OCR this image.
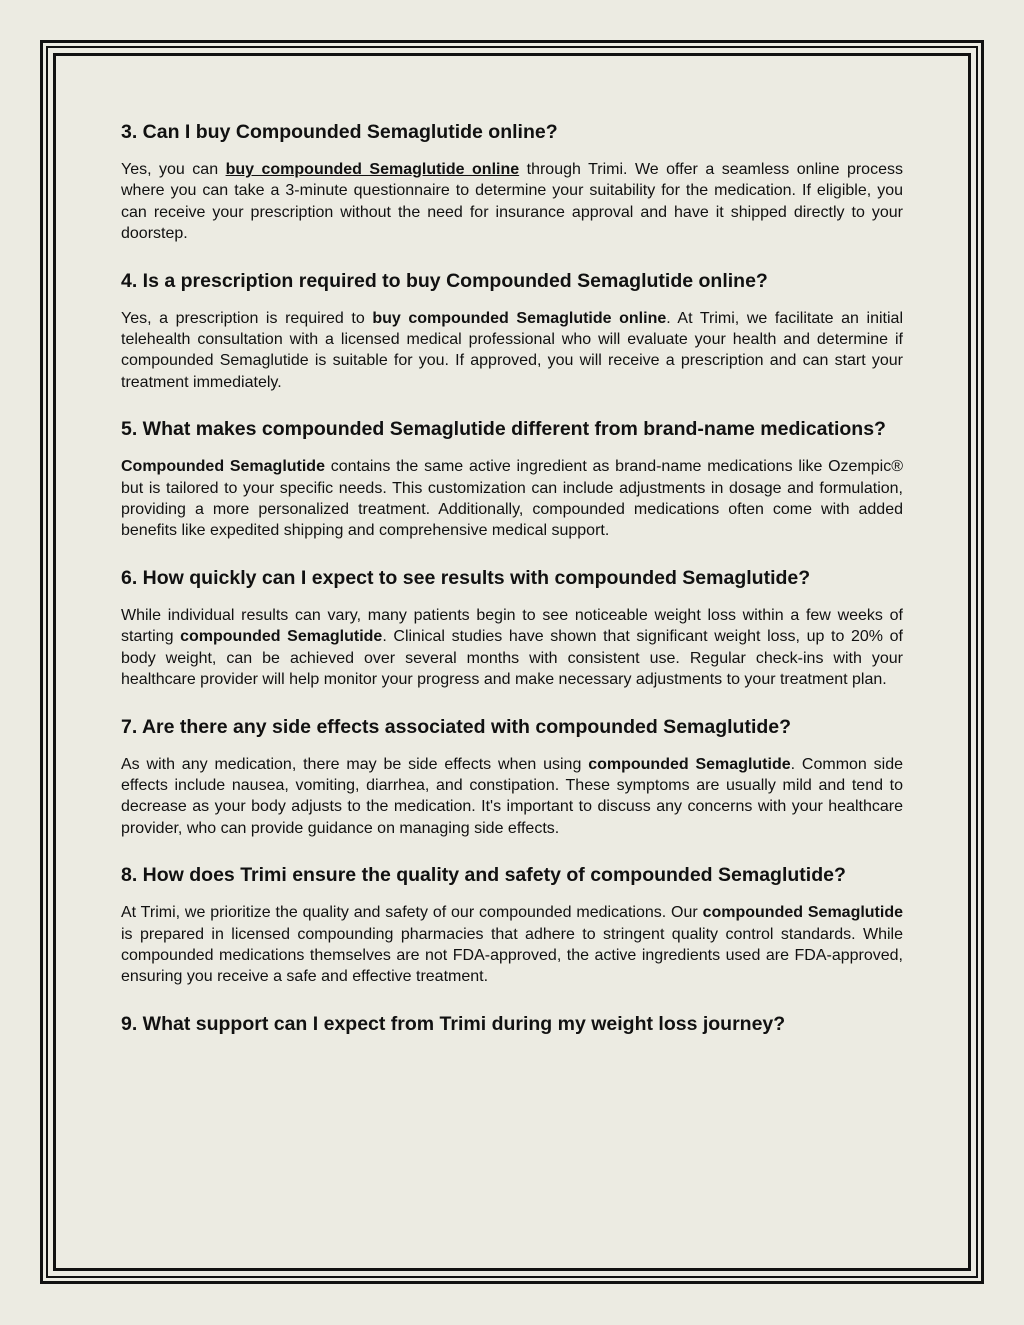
3. Can I buy Compounded Semaglutide online?

Yes, you can buy compounded Semaglutide online through Trimi. We offer a seamless online process where you can take a 3-minute questionnaire to determine your suitability for the medication. If eligible, you can receive your prescription without the need for insurance approval and have it shipped directly to your doorstep.

4. Is a prescription required to buy Compounded Semaglutide online?

Yes, a prescription is required to buy compounded Semaglutide online. At Trimi, we facilitate an initial telehealth consultation with a licensed medical professional who will evaluate your health and determine if compounded Semaglutide is suitable for you. If approved, you will receive a prescription and can start your treatment immediately.

5. What makes compounded Semaglutide different from brand-name medications?

Compounded Semaglutide contains the same active ingredient as brand-name medications like Ozempic® but is tailored to your specific needs. This customization can include adjustments in dosage and formulation, providing a more personalized treatment. Additionally, compounded medications often come with added benefits like expedited shipping and comprehensive medical support.

6. How quickly can I expect to see results with compounded Semaglutide?

While individual results can vary, many patients begin to see noticeable weight loss within a few weeks of starting compounded Semaglutide. Clinical studies have shown that significant weight loss, up to 20% of body weight, can be achieved over several months with consistent use. Regular check-ins with your healthcare provider will help monitor your progress and make necessary adjustments to your treatment plan.

7. Are there any side effects associated with compounded Semaglutide?

As with any medication, there may be side effects when using compounded Semaglutide. Common side effects include nausea, vomiting, diarrhea, and constipation. These symptoms are usually mild and tend to decrease as your body adjusts to the medication. It's important to discuss any concerns with your healthcare provider, who can provide guidance on managing side effects.

8. How does Trimi ensure the quality and safety of compounded Semaglutide?

At Trimi, we prioritize the quality and safety of our compounded medications. Our compounded Semaglutide is prepared in licensed compounding pharmacies that adhere to stringent quality control standards. While compounded medications themselves are not FDA-approved, the active ingredients used are FDA-approved, ensuring you receive a safe and effective treatment.

9. What support can I expect from Trimi during my weight loss journey?
